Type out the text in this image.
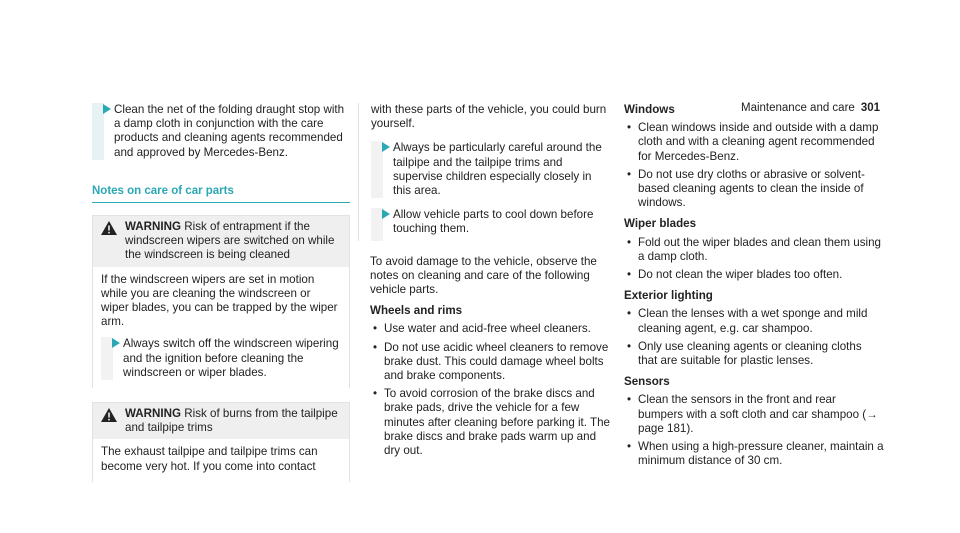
Maintenance and care 301
Clean the net of the folding draught stop with a damp cloth in conjunction with the care products and cleaning agents recommended and approved by Mercedes-Benz.
Notes on care of car parts
WARNING Risk of entrapment if the windscreen wipers are switched on while the windscreen is being cleaned
If the windscreen wipers are set in motion while you are cleaning the windscreen or wiper blades, you can be trapped by the wiper arm.
Always switch off the windscreen wipering and the ignition before cleaning the windscreen or wiper blades.
WARNING Risk of burns from the tailpipe and tailpipe trims
The exhaust tailpipe and tailpipe trims can become very hot. If you come into contact
with these parts of the vehicle, you could burn yourself.
Always be particularly careful around the tailpipe and the tailpipe trims and supervise children especially closely in this area.
Allow vehicle parts to cool down before touching them.
To avoid damage to the vehicle, observe the notes on cleaning and care of the following vehicle parts.
Wheels and rims
• Use water and acid-free wheel cleaners.
• Do not use acidic wheel cleaners to remove brake dust. This could damage wheel bolts and brake components.
• To avoid corrosion of the brake discs and brake pads, drive the vehicle for a few minutes after cleaning before parking it. The brake discs and brake pads warm up and dry out.
Windows
• Clean windows inside and outside with a damp cloth and with a cleaning agent recommended for Mercedes-Benz.
• Do not use dry cloths or abrasive or solvent-based cleaning agents to clean the inside of windows.
Wiper blades
• Fold out the wiper blades and clean them using a damp cloth.
• Do not clean the wiper blades too often.
Exterior lighting
• Clean the lenses with a wet sponge and mild cleaning agent, e.g. car shampoo.
• Only use cleaning agents or cleaning cloths that are suitable for plastic lenses.
Sensors
• Clean the sensors in the front and rear bumpers with a soft cloth and car shampoo (→ page 181).
• When using a high-pressure cleaner, maintain a minimum distance of 30 cm.
